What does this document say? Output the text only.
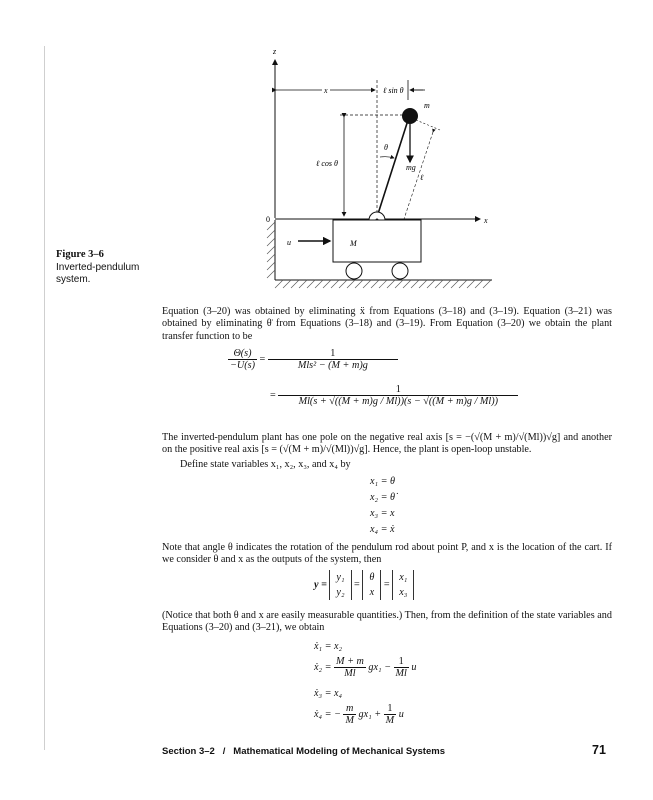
z
x
0
x	ℓ sin θ
ℓ cos θ
m
mg
θ
ℓ
M
u
Figure 3–6
Inverted-pendulum system.
Equation (3–20) was obtained by eliminating ẍ from Equations (3–18) and (3–19). Equation (3–21) was obtained by eliminating θ̈ from Equations (3–18) and (3–19). From Equation (3–20) we obtain the plant transfer function to be
$\frac{\Theta(s)}{-U(s)} = \frac{1}{\text{Mls² − (M + m)g}}$
= $\frac{1}{Ml(s + √((M + m)g / Ml))(s - √((M + m)g / Ml))}$
The inverted-pendulum plant has one pole on the negative real axis [s = −(√(M + m)/√(Ml))√g] and another on the positive real axis [s = (√(M + m)/√(Ml))√g]. Hence, the plant is open-loop unstable.
Define state variables x₁, x₂, x₃, and x₄ by
x₁ = θ
x₂ = θ̇
x₃ = x
x₄ = ẋ
Note that angle θ indicates the rotation of the pendulum rod about point P, and x is the location of the cart. If we consider θ and x as the outputs of the system, then
y = y₁
y₂ = θ
x = x₁
x₃
(Notice that both θ and x are easily measurable quantities.) Then, from the definition of the state variables and Equations (3–20) and (3–21), we obtain
ẋ₁ = x₂
ẋ₂ = $\frac{M + m}{Ml} gx_1 - \frac{1}{Ml}$ u
ẋ₃ = x₄
ẋ₄ = − $\frac{m}{M} gx_1 + \frac{1}{M}$ u
Section 3–2   /   Mathematical Modeling of Mechanical Systems	71
